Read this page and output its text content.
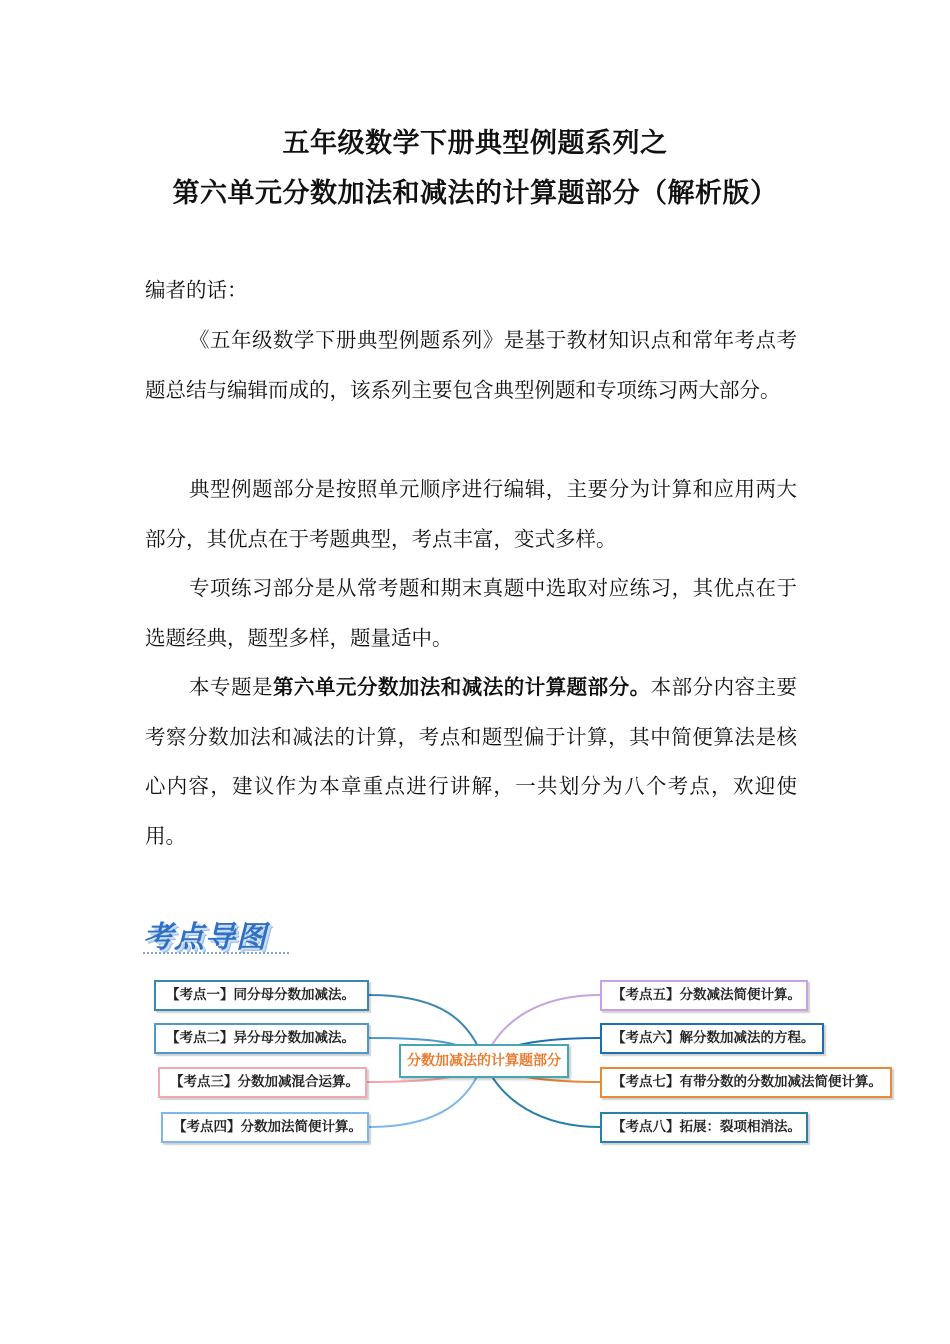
五年级数学下册典型例题系列之
第六单元分数加法和减法的计算题部分（解析版）

编者的话：

《五年级数学下册典型例题系列》是基于教材知识点和常年考点考题总结与编辑而成的，该系列主要包含典型例题和专项练习两大部分。

典型例题部分是按照单元顺序进行编辑，主要分为计算和应用两大部分，其优点在于考题典型，考点丰富，变式多样。

专项练习部分是从常考题和期末真题中选取对应练习，其优点在于选题经典，题型多样，题量适中。

本专题是第六单元分数加法和减法的计算题部分。本部分内容主要考察分数加法和减法的计算，考点和题型偏于计算，其中简便算法是核心内容，建议作为本章重点进行讲解，一共划分为八个考点，欢迎使用。

考点导图
分数加减法的计算题部分
【考点一】同分母分数加减法。
【考点二】异分母分数加减法。
【考点三】分数加减混合运算。
【考点四】分数加法简便计算。
【考点五】分数减法简便计算。
【考点六】解分数加减法的方程。
【考点七】有带分数的分数加减法简便计算。
【考点八】拓展：裂项相消法。
